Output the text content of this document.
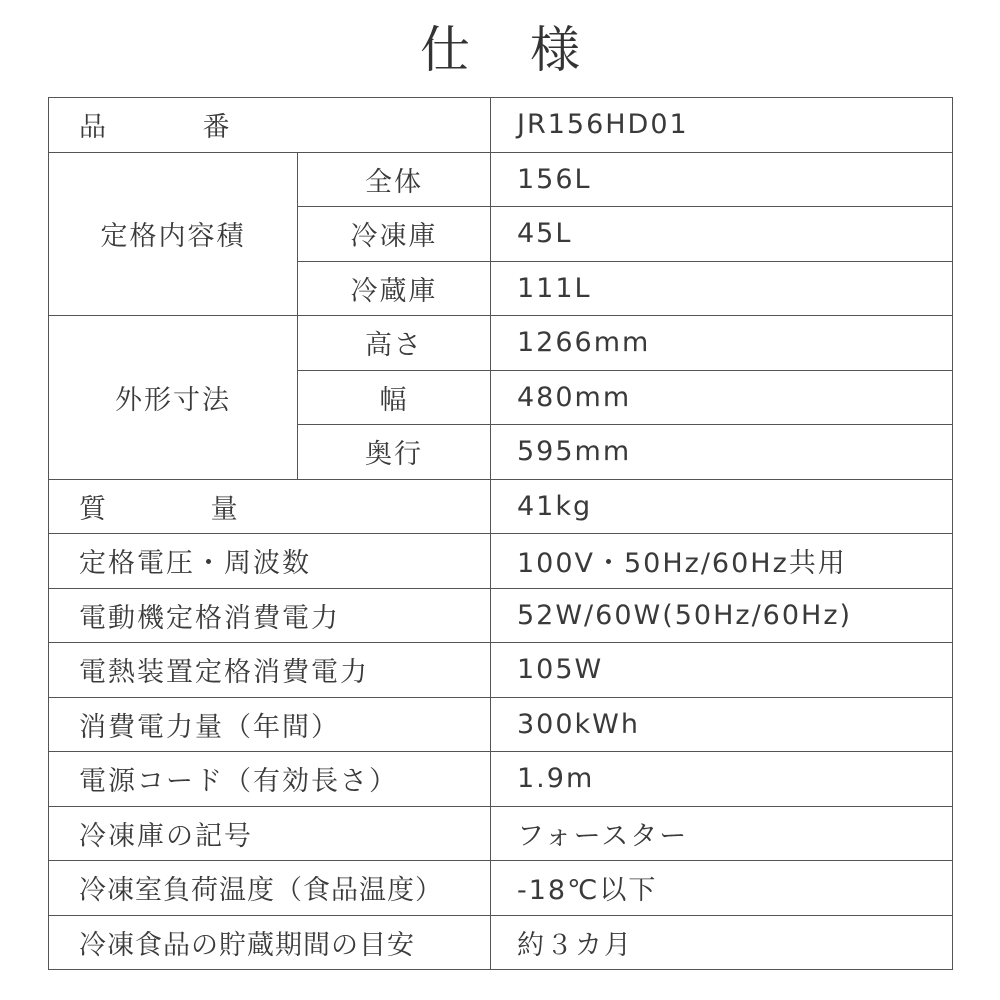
仕 様
品 番		JR156HD01
定格内容積	全体	156L
	冷凍庫	45L
	冷蔵庫	111L
外形寸法	高さ	1266mm
	幅	480mm
	奥行	595mm
質 量		41kg
定格電圧・周波数		100V・50Hz/60Hz共用
電動機定格消費電力		52W/60W(50Hz/60Hz)
電熱装置定格消費電力		105W
消費電力量（年間）		300kWh
電源コード（有効長さ）		1.9m
冷凍庫の記号		フォースター
冷凍室負荷温度（食品温度）		-18℃以下
冷凍食品の貯蔵期間の目安		約３カ月
